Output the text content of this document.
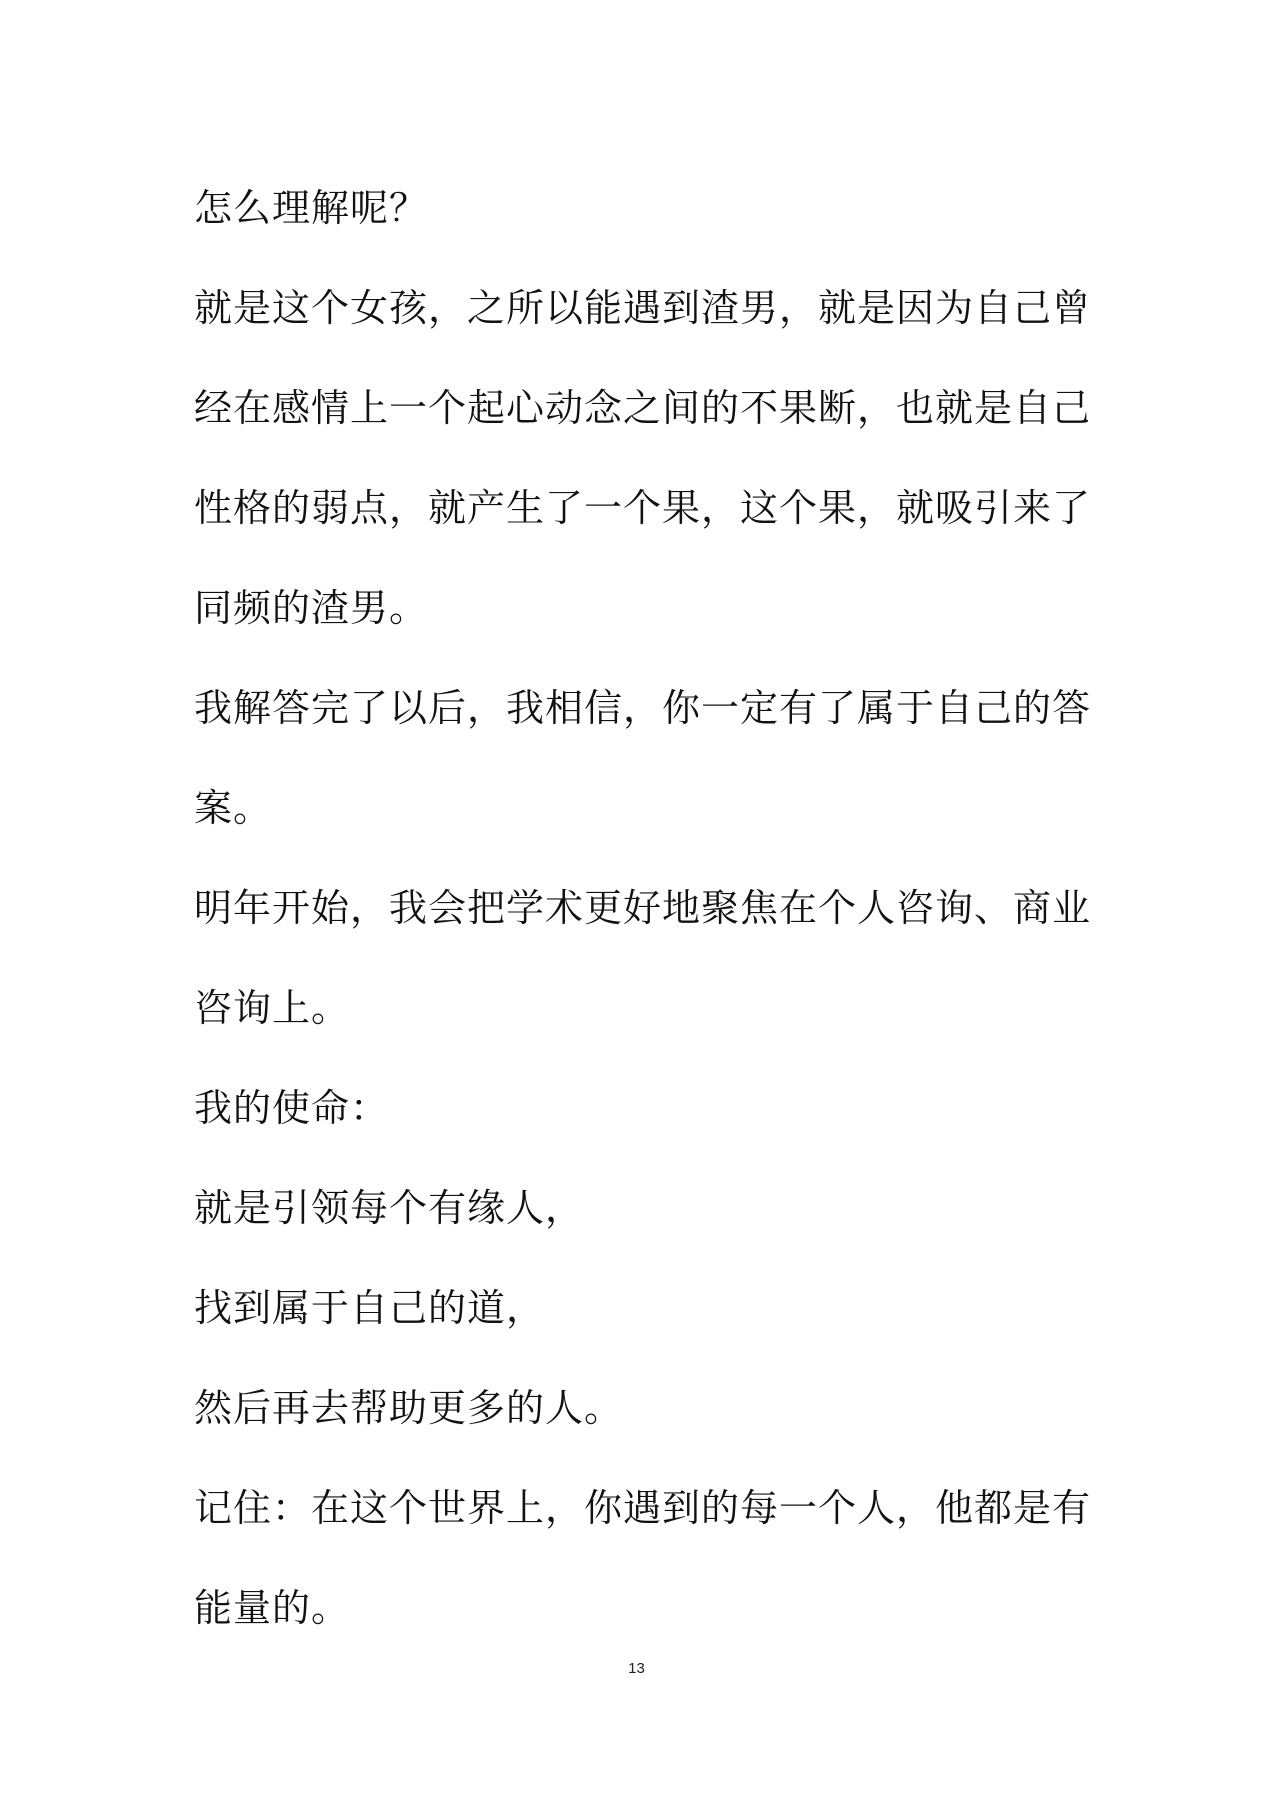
怎么理解呢？
就是这个女孩，之所以能遇到渣男，就是因为自己曾
经在感情上一个起心动念之间的不果断，也就是自己
性格的弱点，就产生了一个果，这个果，就吸引来了
同频的渣男。
我解答完了以后，我相信，你一定有了属于自己的答
案。
明年开始，我会把学术更好地聚焦在个人咨询、商业
咨询上。
我的使命：
就是引领每个有缘人，
找到属于自己的道，
然后再去帮助更多的人。
记住：在这个世界上，你遇到的每一个人，他都是有
能量的。
13
